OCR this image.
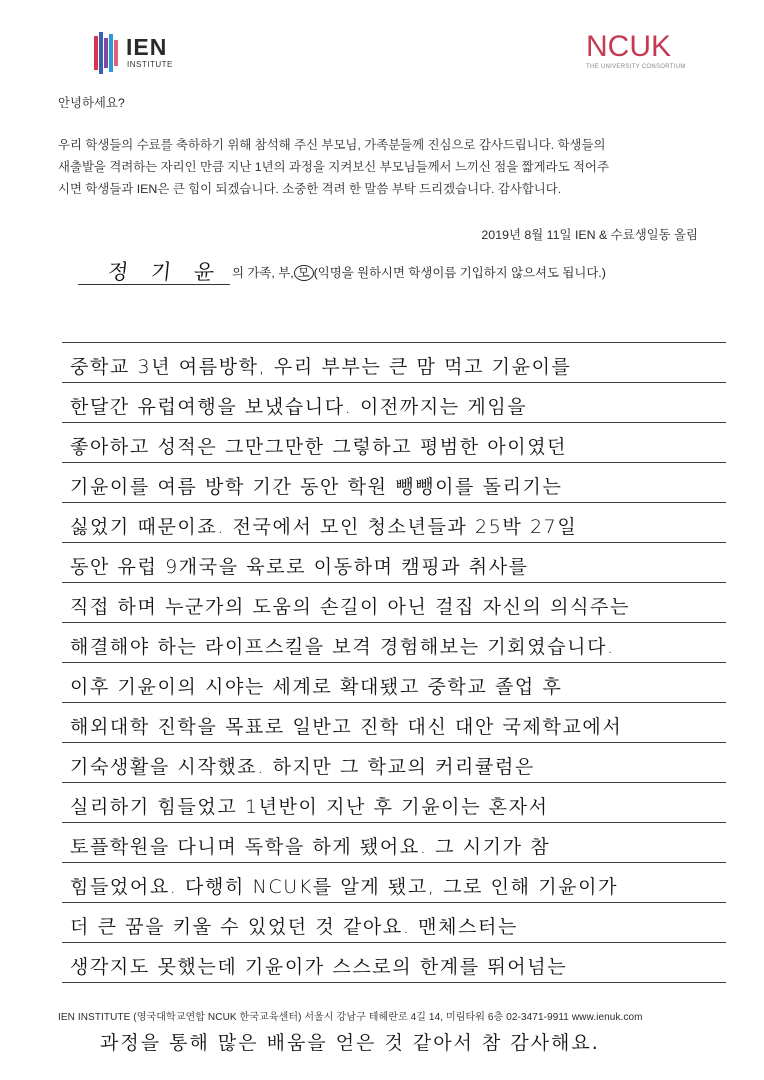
IEN
INSTITUTE
NCUK
THE UNIVERSITY CONSORTIUM
안녕하세요?
우리 학생들의 수료를 축하하기 위해 참석해 주신 부모님, 가족분들께 진심으로 감사드립니다. 학생들의
새출발을 격려하는 자리인 만큼 지난 1년의 과정을 지켜보신 부모님들께서 느끼신 점을 짧게라도 적어주
시면 학생들과 IEN은 큰 힘이 되겠습니다. 소중한 격려 한 말씀 부탁 드리겠습니다. 감사합니다.
2019년 8월 11일 IEN & 수료생일동 올림
정 기 윤 의 가족, 부, 모 (익명을 원하시면 학생이름 기입하지 않으셔도 됩니다.)
중학교 3년 여름방학, 우리 부부는 큰 맘 먹고 기윤이를
한달간 유럽여행을 보냈습니다. 이전까지는 게임을
좋아하고 성적은 그만그만한 그렇하고 평범한 아이였던
기윤이를 여름 방학 기간 동안 학원 뺑뺑이를 돌리기는
싫었기 때문이죠. 전국에서 모인 청소년들과 25박 27일
동안 유럽 9개국을 육로로 이동하며 캠핑과 취사를
직접 하며 누군가의 도움의 손길이 아닌 걸집 자신의 의식주는
해결해야 하는 라이프스킬을 보격 경험해보는 기회였습니다.
이후 기윤이의 시야는 세계로 확대됐고 중학교 졸업 후
해외대학 진학을 목표로 일반고 진학 대신 대안 국제학교에서
기숙생활을 시작했죠. 하지만 그 학교의 커리큘럼은
실리하기 힘들었고 1년반이 지난 후 기윤이는 혼자서
토플학원을 다니며 독학을 하게 됐어요. 그 시기가 참
힘들었어요. 다행히 NCUK를 알게 됐고, 그로 인해 기윤이가
더 큰 꿈을 키울 수 있었던 것 같아요. 맨체스터는
생각지도 못했는데 기윤이가 스스로의 한계를 뛰어넘는
IEN INSTITUTE (영국대학교연합 NCUK 한국교육센터) 서울시 강남구 테헤란로 4길 14, 미림타워 6층 02-3471-9911 www.ienuk.com
과정을 통해 많은 배움을 얻은 것 같아서 참 감사해요.
